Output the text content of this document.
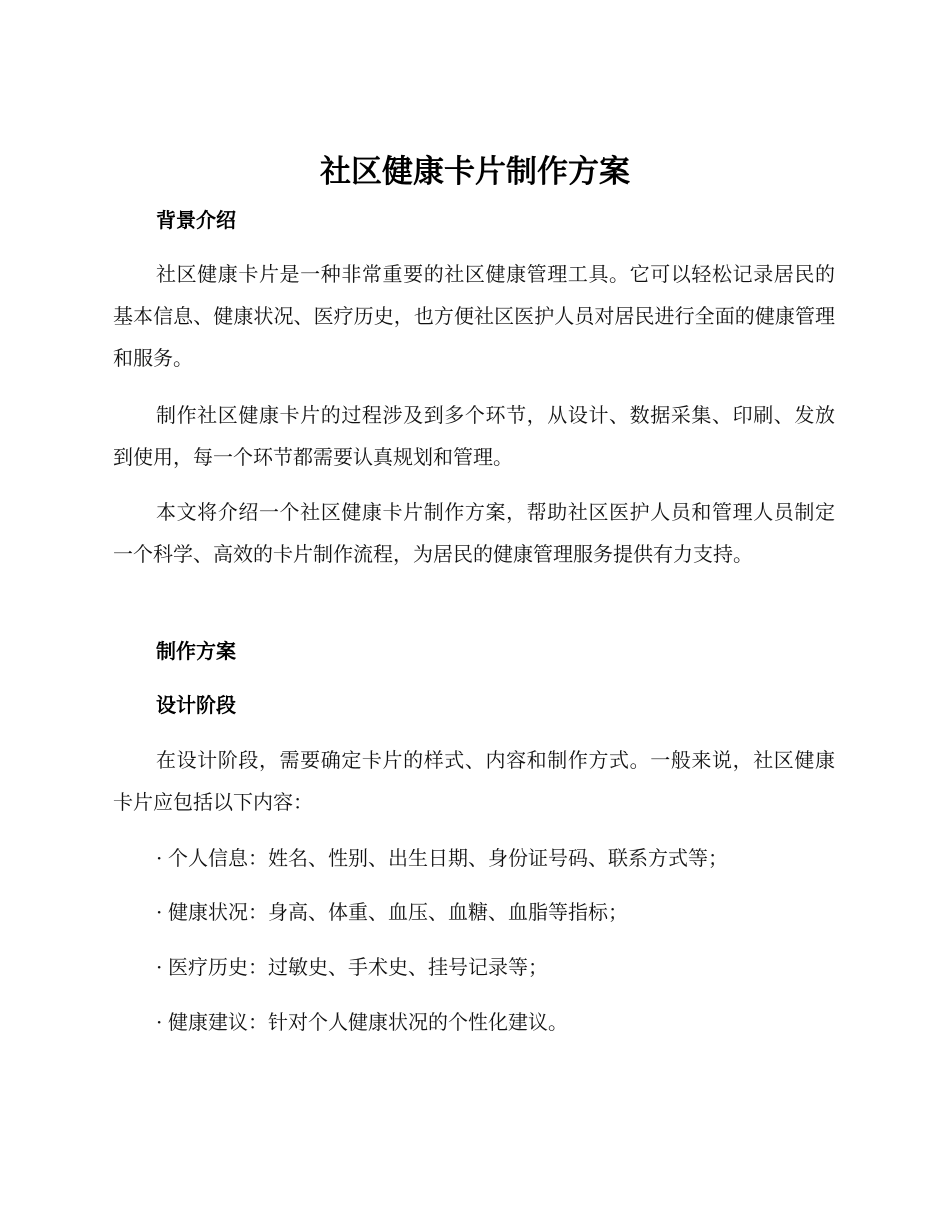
社区健康卡片制作方案
背景介绍

社区健康卡片是一种非常重要的社区健康管理工具。它可以轻松记录居民的基本信息、健康状况、医疗历史，也方便社区医护人员对居民进行全面的健康管理和服务。

制作社区健康卡片的过程涉及到多个环节，从设计、数据采集、印刷、发放到使用，每一个环节都需要认真规划和管理。

本文将介绍一个社区健康卡片制作方案，帮助社区医护人员和管理人员制定一个科学、高效的卡片制作流程，为居民的健康管理服务提供有力支持。

制作方案
设计阶段

在设计阶段，需要确定卡片的样式、内容和制作方式。一般来说，社区健康卡片应包括以下内容：

· 个人信息：姓名、性别、出生日期、身份证号码、联系方式等；

· 健康状况：身高、体重、血压、血糖、血脂等指标；

· 医疗历史：过敏史、手术史、挂号记录等；

· 健康建议：针对个人健康状况的个性化建议。
